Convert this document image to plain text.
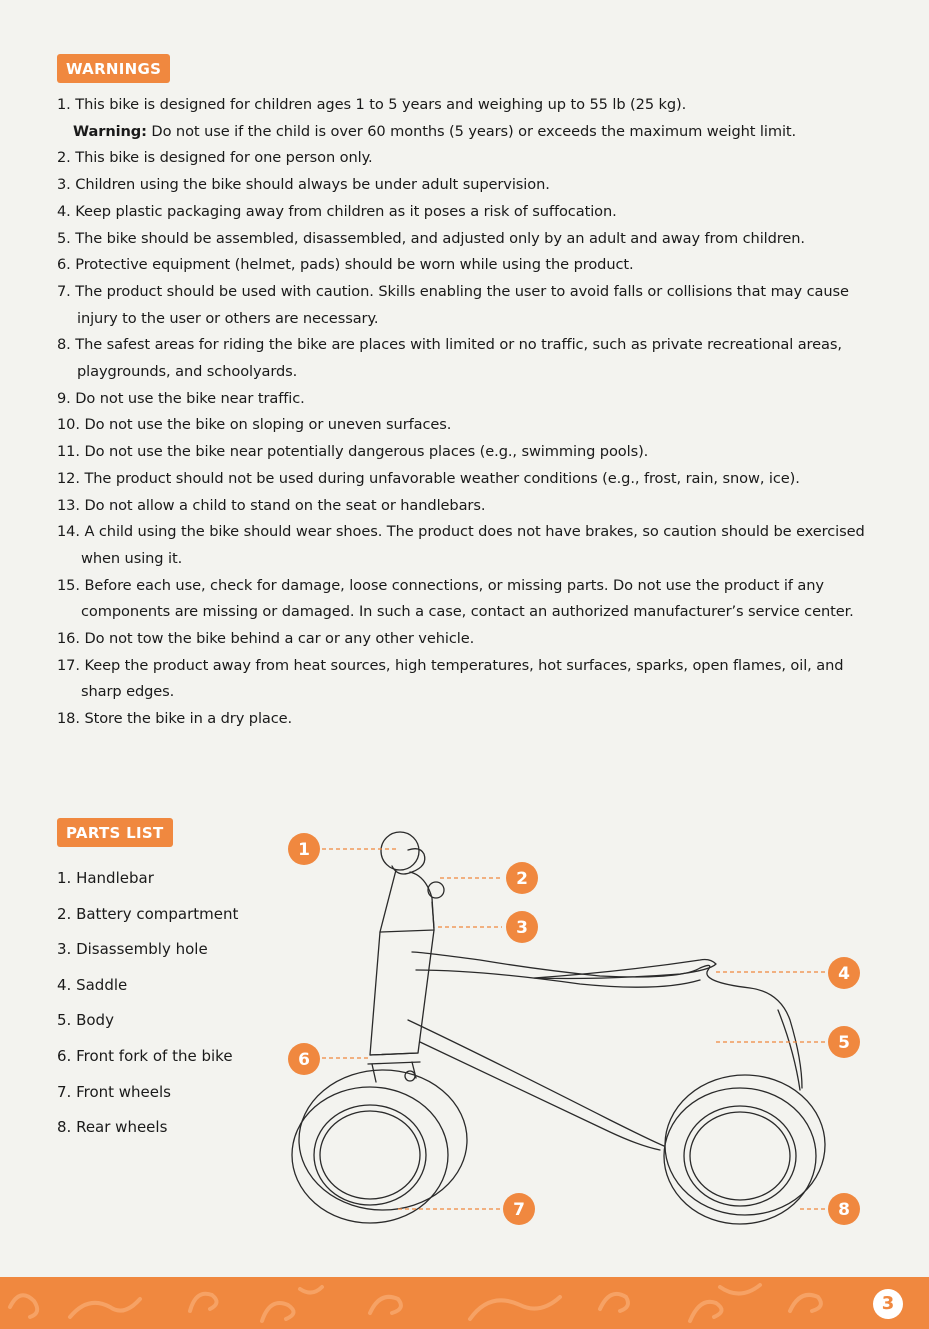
WARNINGS
1. This bike is designed for children ages 1 to 5 years and weighing up to 55 lb (25 kg).
Warning: Do not use if the child is over 60 months (5 years) or exceeds the maximum weight limit.
2. This bike is designed for one person only.
3. Children using the bike should always be under adult supervision.
4. Keep plastic packaging away from children as it poses a risk of suffocation.
5. The bike should be assembled, disassembled, and adjusted only by an adult and away from children.
6. Protective equipment (helmet, pads) should be worn while using the product.
7. The product should be used with caution. Skills enabling the user to avoid falls or collisions that may cause injury to the user or others are necessary.
8. The safest areas for riding the bike are places with limited or no traffic, such as private recreational areas, playgrounds, and schoolyards.
9. Do not use the bike near traffic.
10. Do not use the bike on sloping or uneven surfaces.
11. Do not use the bike near potentially dangerous places (e.g., swimming pools).
12. The product should not be used during unfavorable weather conditions (e.g., frost, rain, snow, ice).
13. Do not allow a child to stand on the seat or handlebars.
14. A child using the bike should wear shoes. The product does not have brakes, so caution should be exercised when using it.
15. Before each use, check for damage, loose connections, or missing parts. Do not use the product if any components are missing or damaged. In such a case, contact an authorized manufacturer’s service center.
16. Do not tow the bike behind a car or any other vehicle.
17. Keep the product away from heat sources, high temperatures, hot surfaces, sparks, open flames, oil, and sharp edges.
18. Store the bike in a dry place.
PARTS LIST
1. Handlebar
2. Battery compartment
3. Disassembly hole
4. Saddle
5. Body
6. Front fork of the bike
7. Front wheels
8. Rear wheels
1
2
3
4
5
6
7	8
3
